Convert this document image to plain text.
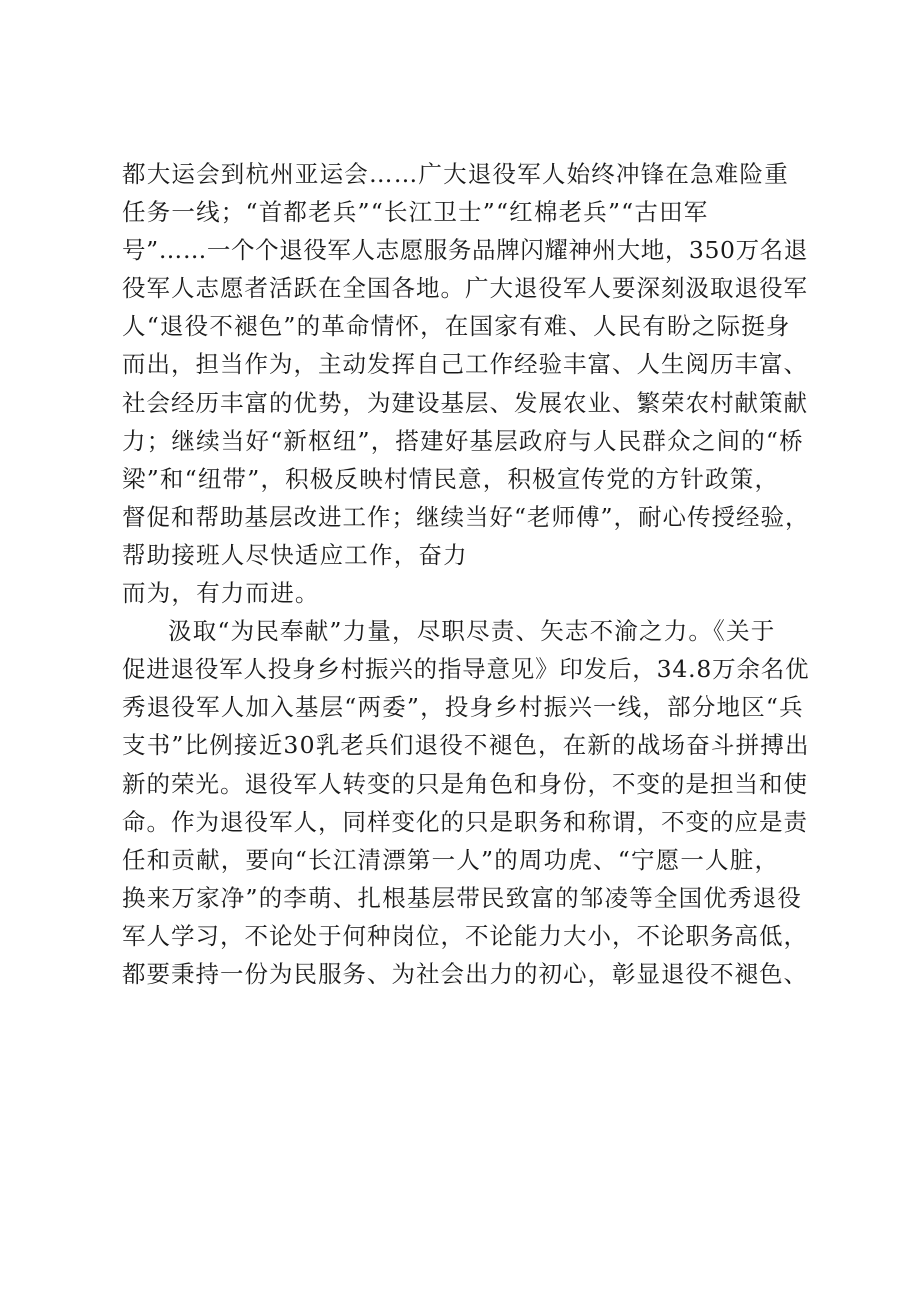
都大运会到杭州亚运会……广大退役军人始终冲锋在急难险重
任务一线；“首都老兵”“长江卫士”“红棉老兵”“古田军
号”……一个个退役军人志愿服务品牌闪耀神州大地，350万名退
役军人志愿者活跃在全国各地。广大退役军人要深刻汲取退役军
人“退役不褪色”的革命情怀，在国家有难、人民有盼之际挺身
而出，担当作为，主动发挥自己工作经验丰富、人生阅历丰富、
社会经历丰富的优势，为建设基层、发展农业、繁荣农村献策献
力；继续当好“新枢纽”，搭建好基层政府与人民群众之间的“桥
梁”和“纽带”，积极反映村情民意，积极宣传党的方针政策，
督促和帮助基层改进工作；继续当好“老师傅”，耐心传授经验，
帮助接班人尽快适应工作，奋力
而为，有力而进。
汲取“为民奉献”力量，尽职尽责、矢志不渝之力。《关于
促进退役军人投身乡村振兴的指导意见》印发后，34.8万余名优
秀退役军人加入基层“两委”，投身乡村振兴一线，部分地区“兵
支书”比例接近30乳老兵们退役不褪色，在新的战场奋斗拼搏出
新的荣光。退役军人转变的只是角色和身份，不变的是担当和使
命。作为退役军人，同样变化的只是职务和称谓，不变的应是责
任和贡献，要向“长江清漂第一人”的周功虎、“宁愿一人脏，
换来万家净”的李萌、扎根基层带民致富的邹凌等全国优秀退役
军人学习，不论处于何种岗位，不论能力大小，不论职务高低，
都要秉持一份为民服务、为社会出力的初心，彰显退役不褪色、
